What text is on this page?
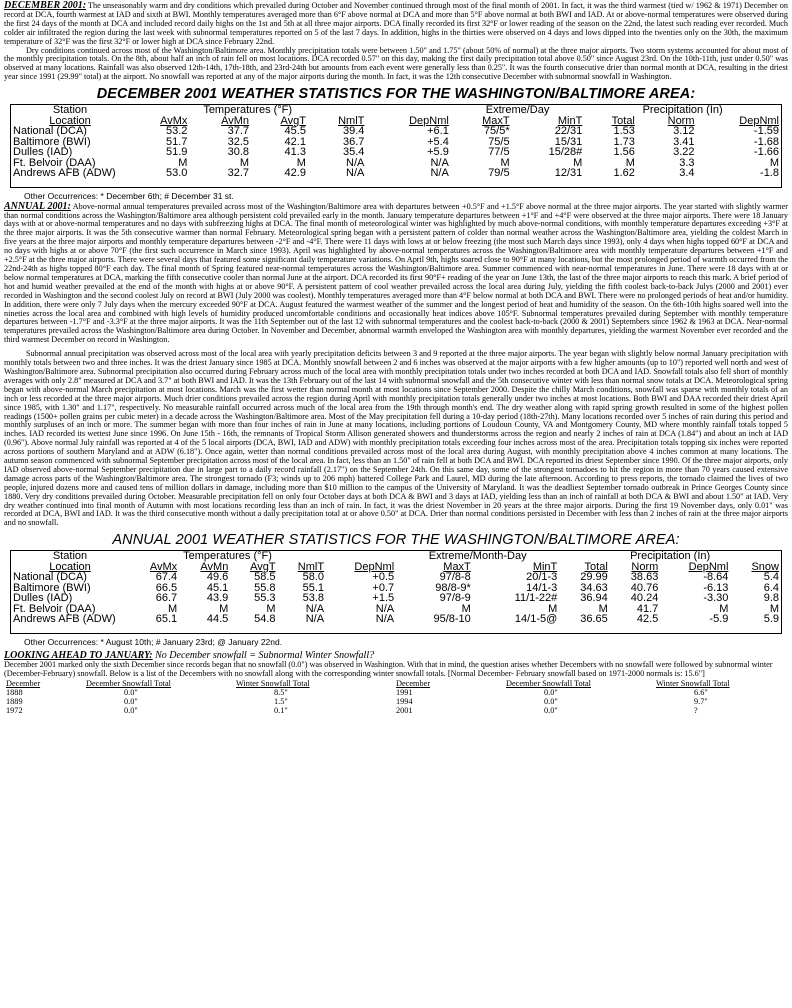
DECEMBER 2001: The unseasonably warm and dry conditions which prevailed during October and November continued through most of the final month of 2001. In fact, it was the third warmest (tied w/ 1962 & 1971) December on record at DCA, fourth warmest at IAD and sixth at BWI. Monthly temperatures averaged more than 6°F above normal at DCA and more than 5°F above normal at both BWI and IAD. At or above-normal temperatures were observed during the first 24 days of the month at DCA and included record daily highs on the 1st and 5th at all three major airports. DCA finally recorded its first 32°F or lower reading of the season on the 22nd, the latest such reading ever recorded. Much colder air infiltrated the region during the last week with subnormal temperatures reported on 5 of the last 7 days. In addition, highs in the thirties were observed on 4 days and lows dipped into the twenties only on the 30th, the maximum temperature of 32°F was the first 32°F or lower high at DCA since February 22nd.

Dry conditions continued across most of the Washington/Baltimore area. Monthly precipitation totals were between 1.50" and 1.75" (about 50% of normal) at the three major airports. Two storm systems accounted for about most of the monthly precipitation totals. On the 8th, about half an inch of rain fell on most locations. DCA recorded 0.57" on this day, making the first daily precipitation total above 0.50" since August 23rd. On the 10th-11th, just under 0.50" was observed at many locations. Rainfall was also observed 12th-14th, 17th-18th, and 23rd-24th but amounts from each event were generally less than 0.25". It was the fourth consecutive drier than normal month at DCA, resulting in the driest year since 1991 (29.99" total) at the airport. No snowfall was reported at any of the major airports during the month. In fact, it was the 12th consecutive December with subnormal snowfall in Washington.

DECEMBER 2001 WEATHER STATISTICS FOR THE WASHINGTON/BALTIMORE AREA:
Station	Temperatures (°F)					Extreme/Day		Precipitation (In)		
Location	AvMx	AvMn	AvgT	NmlT	DepNml	MaxT	MinT	Total	Norm	DepNml
National (DCA)	53.2	37.7	45.5	39.4	+6.1	75/5*	22/31	1.53	3.12	-1.59
Baltimore (BWI)	51.7	32.5	42.1	36.7	+5.4	75/5	15/31	1.73	3.41	-1.68
Dulles (IAD)	51.9	30.8	41.3	35.4	+5.9	77/5	15/28#	1.56	3.22	-1.66
Ft. Belvoir (DAA)	M	M	M	N/A	N/A	M	M	M	3.3	M
Andrews AFB (ADW)	53.0	32.7	42.9	N/A	N/A	79/5	12/31	1.62	3.4	-1.8
Other Occurrences: * December 6th; # December 31 st.

ANNUAL 2001: Above-normal annual temperatures prevailed across most of the Washington/Baltimore area with departures between +0.5°F and +1.5°F above normal at the three major airports. The year started with slightly warmer than normal conditions across the Washington/Baltimore area although persistent cold prevailed early in the month. January temperature departures between +1°F and +4°F were observed at the three major airports. There were 18 January days with at or above-normal temperatures and no days with subfreezing highs at DCA. The final month of meteorological winter was highlighted by much above-normal conditions, with monthly temperature departures exceeding +3°F at the three major airports. It was the 5th consecutive warmer than normal February. Meteorological spring began with a persistent pattern of colder than normal weather across the Washington/Baltimore area, yielding the coldest March in five years at the three major airports and monthly temperature departures between -2°F and -4°F. There were 11 days with lows at or below freezing (the most such March days since 1993), only 4 days when highs topped 60°F at DCA and no days with highs at or above 70°F (the first such occurrence in March since 1993). April was highlighted by above-normal temperatures across the Washington/Baltimore area with monthly temperature departures between +1°F and +2.5°F at the three major airports. There were several days that featured some significant daily temperature variations. On April 9th, highs soared close to 90°F at many locations, but the most prolonged period of warmth occurred from the 22nd-24th as highs topped 80°F each day. The final month of Spring featured near-normal temperatures across the Washington/Baltimore area. Summer commenced with near-normal temperatures in June. There were 18 days with at or below normal temperatures at DCA, marking the fifth consecutive cooler than normal June at the airport. DCA recorded its first 90°F+ reading of the year on June 13th, the last of the three major airports to reach this mark. A brief period of hot and humid weather prevailed at the end of the month with highs at or above 90°F. A persistent pattern of cool weather prevailed across the local area during July, yielding the fifth coolest back-to-back Julys (2000 and 2001) ever recorded in Washington and the second coolest July on record at BWI (July 2000 was coolest). Monthly temperatures averaged more than 4°F below normal at both DCA and BWI. There were no prolonged periods of heat and/or humidity. In addition, there were only 7 July days when the mercury exceeded 90°F at DCA. August featured the warmest weather of the summer and the longest period of heat and humidity of the season. On the 6th-10th highs soared well into the nineties across the local area and combined with high levels of humidity produced uncomfortable conditions and occasionally heat indices above 105°F. Subnormal temperatures prevailed during September with monthly temperature departures between -1.7°F and -3.3°F at the three major airports. It was the 11th September out of the last 12 with subnormal temperatures and the coolest back-to-back (2000 & 2001) Septembers since 1962 & 1963 at DCA. Near-normal temperatures prevailed across the Washington/Baltimore area during October. In November and December, abnormal warmth enveloped the Washington area with monthly departures, yielding the warmest November ever recorded and the third warmest December on record in Washington.

Subnormal annual precipitation was observed across most of the local area with yearly precipitation deficits between 3 and 9 reported at the three major airports. The year began with slightly below normal January precipitation with monthly totals between two and three inches. It was the driest January since 1985 at DCA. Monthly snowfall between 2 and 6 inches was observed at the major airports with a few higher amounts (up to 10") reported well north and west of Washington/Baltimore area. Subnormal precipitation also occurred during February across much of the local area with monthly precipitation totals under two inches recorded at both DCA and IAD. Snowfall totals also fell short of monthly averages with only 2.8" measured at DCA and 3.7" at both BWI and IAD. It was the 13th February out of the last 14 with subnormal snowfall and the 5th consecutive winter with less than normal snow totals at DCA. Meteorological spring began with above-normal March precipitation at most locations. March was the first wetter than normal month at most locations since September 2000. Despite the chilly March conditions, snowfall was sparse with monthly totals of an inch or less recorded at the three major airports. Much drier conditions prevailed across the region during April with monthly precipitation totals generally under two inches at most locations. Both BWI and DAA recorded their driest April since 1985, with 1.30" and 1.17", respectively. No measurable rainfall occurred across much of the local area from the 19th through month's end. The dry weather along with rapid spring growth resulted in some of the highest pollen readings (1500+ pollen grains per cubic meter) in a decade across the Washington/Baltimore area. Most of the May precipitation fell during a 10-day period (18th-27th). Many locations recorded over 5 inches of rain during this period and monthly surpluses of an inch or more. The summer began with more than four inches of rain in June at many locations, including portions of Loudoun County, VA and Montgomery County, MD where monthly rainfall totals topped 5 inches. IAD recorded its wettest June since 1996. On June 15th - 16th, the remnants of Tropical Storm Allison generated showers and thunderstorms across the region and nearly 2 inches of rain at DCA (1.84") and about an inch at IAD (0.96"). Above normal July rainfall was reported at 4 of the 5 local airports (DCA, BWI, IAD and ADW) with monthly precipitation totals exceeding four inches across most of the area. Precipitation totals topping six inches were reported across portions of southern Maryland and at ADW (6.18"). Once again, wetter than normal conditions prevailed across most of the local area during August, with monthly precipitation above 4 inches common at many locations. The autumn season commenced with subnormal September precipitation across most of the local area. In fact, less than an 1.50" of rain fell at both DCA and BWI. DCA reported its driest September since 1990. Of the three major airports, only IAD observed above-normal September precipitation due in large part to a daily record rainfall (2.17") on the September 24th. On this same day, some of the strongest tornadoes to hit the region in more than 70 years caused extensive damage across parts of the Washington/Baltimore area. The strongest tornado (F3; winds up to 206 mph) battered College Park and Laurel, MD during the late afternoon. According to press reports, the tornado claimed the lives of two people, injured dozens more and caused tens of million dollars in damage, including more than $10 million to the campus of the University of Maryland. It was the deadliest September tornado outbreak in Prince Georges County since 1880. Very dry conditions prevailed during October. Measurable precipitation fell on only four October days at both DCA & BWI and 3 days at IAD, yielding less than an inch of rainfall at both DCA & BWI and about 1.50" at IAD. Very dry weather continued into final month of Autumn with most locations recording less than an inch of rain. In fact, it was the driest November in 20 years at the three major airports. During the first 19 November days, only 0.01" was recorded at DCA, BWI and IAD. It was the third consecutive month without a daily precipitation total at or above 0.50" at DCA. Drier than normal conditions persisted in December with less than 2 inches of rain at the three major airports and no snowfall.

ANNUAL 2001 WEATHER STATISTICS FOR THE WASHINGTON/BALTIMORE AREA:
Station	Temperatures (°F)					Extreme/Month-Day		Precipitation (In)			
Location	AvMx	AvMn	AvgT	NmlT	DepNml	MaxT	MinT	Total	Norm	DepNml	Snow
National (DCA)	67.4	49.6	58.5	58.0	+0.5	97/8-8	20/1-3	29.99	38.63	-8.64	5.4
Baltimore (BWI)	66.5	45.1	55.8	55.1	+0.7	98/8-9*	14/1-3	34.63	40.76	-6.13	6.4
Dulles (IAD)	66.7	43.9	55.3	53.8	+1.5	97/8-9	11/1-22#	36.94	40.24	-3.30	9.8
Ft. Belvoir (DAA)	M	M	M	N/A	N/A	M	M	M	41.7	M	M
Andrews AFB (ADW)	65.1	44.5	54.8	N/A	N/A	95/8-10	14/1-5@	36.65	42.5	-5.9	5.9
Other Occurrences: * August 10th; # January 23rd; @ January 22nd.

LOOKING AHEAD TO JANUARY: No December snowfall = Subnormal Winter Snowfall?
December 2001 marked only the sixth December since records began that no snowfall (0.0") was observed in Washington. With that in mind, the question arises whether Decembers with no snowfall were followed by subnormal winter (December-February) snowfall. Below is a list of the Decembers with no snowfall along with the corresponding winter snowfall totals. [Normal December- February snowfall based on 1971-2000 normals is: 15.6"]

December	December Snowfall Total	Winter Snowfall Total	December	December Snowfall Total	Winter Snowfall Total
1888	0.0"	8.5"	1991	0.0"	6.6"
1889	0.0"	1.5"	1994	0.0"	9.7"
1972	0.0"	0.1"	2001	0.0"	?
